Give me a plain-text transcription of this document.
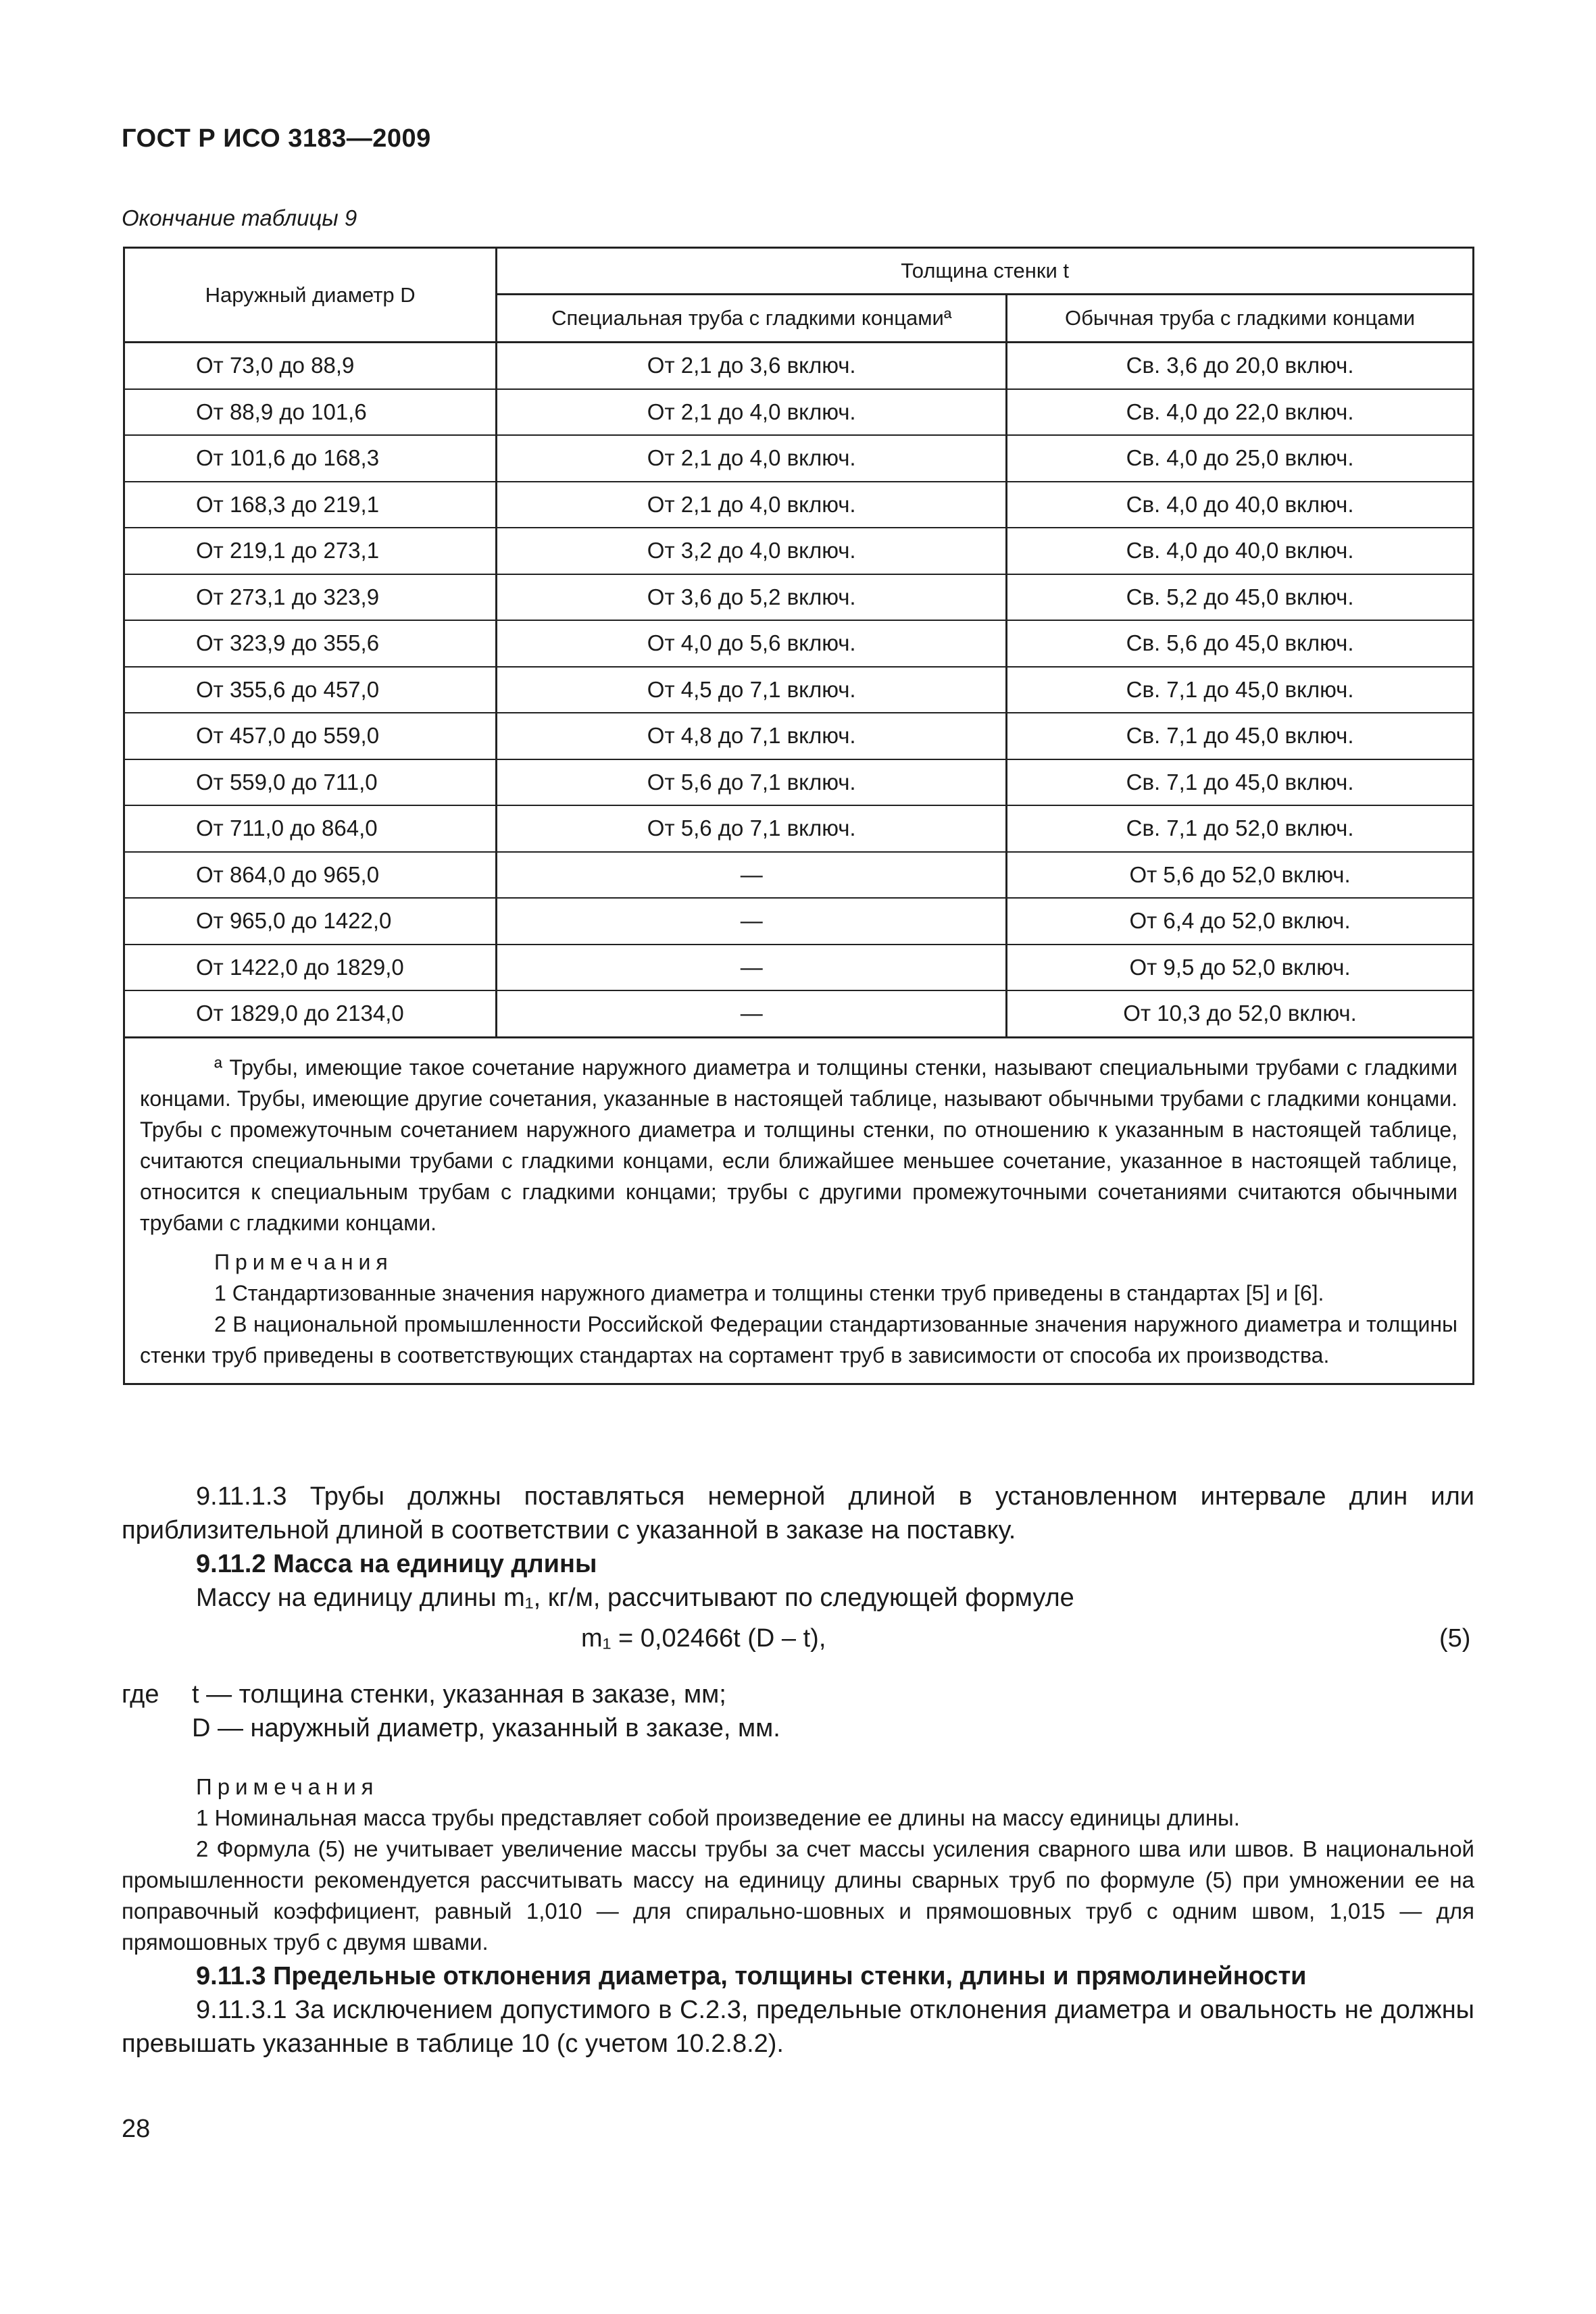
ГОСТ Р ИСО 3183—2009
Окончание таблицы 9
Наружный диаметр D	Толщина стенки t	
	Специальная труба с гладкими концамиª	Обычная труба с гладкими концами
От 73,0 до 88,9	От 2,1 до 3,6 включ.	Св. 3,6 до 20,0 включ.
От 88,9 до 101,6	От 2,1 до 4,0 включ.	Св. 4,0 до 22,0 включ.
От 101,6 до 168,3	От 2,1 до 4,0 включ.	Св. 4,0 до 25,0 включ.
От 168,3 до 219,1	От 2,1 до 4,0 включ.	Св. 4,0 до 40,0 включ.
От 219,1 до 273,1	От 3,2 до 4,0 включ.	Св. 4,0 до 40,0 включ.
От 273,1 до 323,9	От 3,6 до 5,2 включ.	Св. 5,2 до 45,0 включ.
От 323,9 до 355,6	От 4,0 до 5,6 включ.	Св. 5,6 до 45,0 включ.
От 355,6 до 457,0	От 4,5 до 7,1 включ.	Св. 7,1 до 45,0 включ.
От 457,0 до 559,0	От 4,8 до 7,1 включ.	Св. 7,1 до 45,0 включ.
От 559,0 до 711,0	От 5,6 до 7,1 включ.	Св. 7,1 до 45,0 включ.
От 711,0 до 864,0	От 5,6 до 7,1 включ.	Св. 7,1 до 52,0 включ.
От 864,0 до 965,0	—	От 5,6 до 52,0 включ.
От 965,0 до 1422,0	—	От 6,4 до 52,0 включ.
От 1422,0 до 1829,0	—	От 9,5 до 52,0 включ.
От 1829,0 до 2134,0	—	От 10,3 до 52,0 включ.

ª Трубы, имеющие такое сочетание наружного диаметра и толщины стенки, называют специальными трубами с гладкими концами. Трубы, имеющие другие сочетания, указанные в настоящей таблице, называют обычными трубами с гладкими концами. Трубы с промежуточным сочетанием наружного диаметра и толщины стенки, по отношению к указанным в настоящей таблице, считаются специальными трубами с гладкими концами, если ближайшее меньшее сочетание, указанное в настоящей таблице, относится к специальным трубам с гладкими концами; трубы с другими промежуточными сочетаниями считаются обычными трубами с гладкими концами.

Примечания

1 Стандартизованные значения наружного диаметра и толщины стенки труб приведены в стандартах [5] и [6].

2 В национальной промышленности Российской Федерации стандартизованные значения наружного диаметра и толщины стенки труб приведены в соответствующих стандартах на сортамент труб в зависимости от способа их производства.		

9.11.1.3 Трубы должны поставляться немерной длиной в установленном интервале длин или приблизительной длиной в соответствии с указанной в заказе на поставку.

9.11.2 Масса на единицу длины

Массу на единицу длины m₁, кг/м, рассчитывают по следующей формуле

m₁ = 0,02466t (D – t),	(5)
где t — толщина стенки, указанная в заказе, мм;
D — наружный диаметр, указанный в заказе, мм.

Примечания

1 Номинальная масса трубы представляет собой произведение ее длины на массу единицы длины.

2 Формула (5) не учитывает увеличение массы трубы за счет массы усиления сварного шва или швов. В национальной промышленности рекомендуется рассчитывать массу на единицу длины сварных труб по формуле (5) при умножении ее на поправочный коэффициент, равный 1,010 — для спирально-шовных и прямошовных труб с одним швом, 1,015 — для прямошовных труб с двумя швами.

9.11.3 Предельные отклонения диаметра, толщины стенки, длины и прямолинейности

9.11.3.1 За исключением допустимого в С.2.3, предельные отклонения диаметра и овальность не должны превышать указанные в таблице 10 (с учетом 10.2.8.2).

28
